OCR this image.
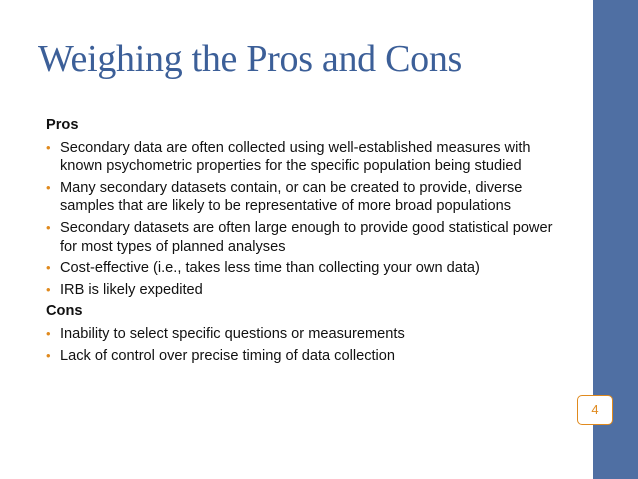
Weighing the Pros and Cons
Pros
• Secondary data are often collected using well-established measures with known psychometric properties for the specific population being studied
• Many secondary datasets contain, or can be created to provide, diverse samples that are likely to be representative of more broad populations
• Secondary datasets are often large enough to provide good statistical power for most types of planned analyses
• Cost-effective (i.e., takes less time than collecting your own data)
• IRB is likely expedited
Cons
• Inability to select specific questions or measurements
• Lack of control over precise timing of data collection
4
